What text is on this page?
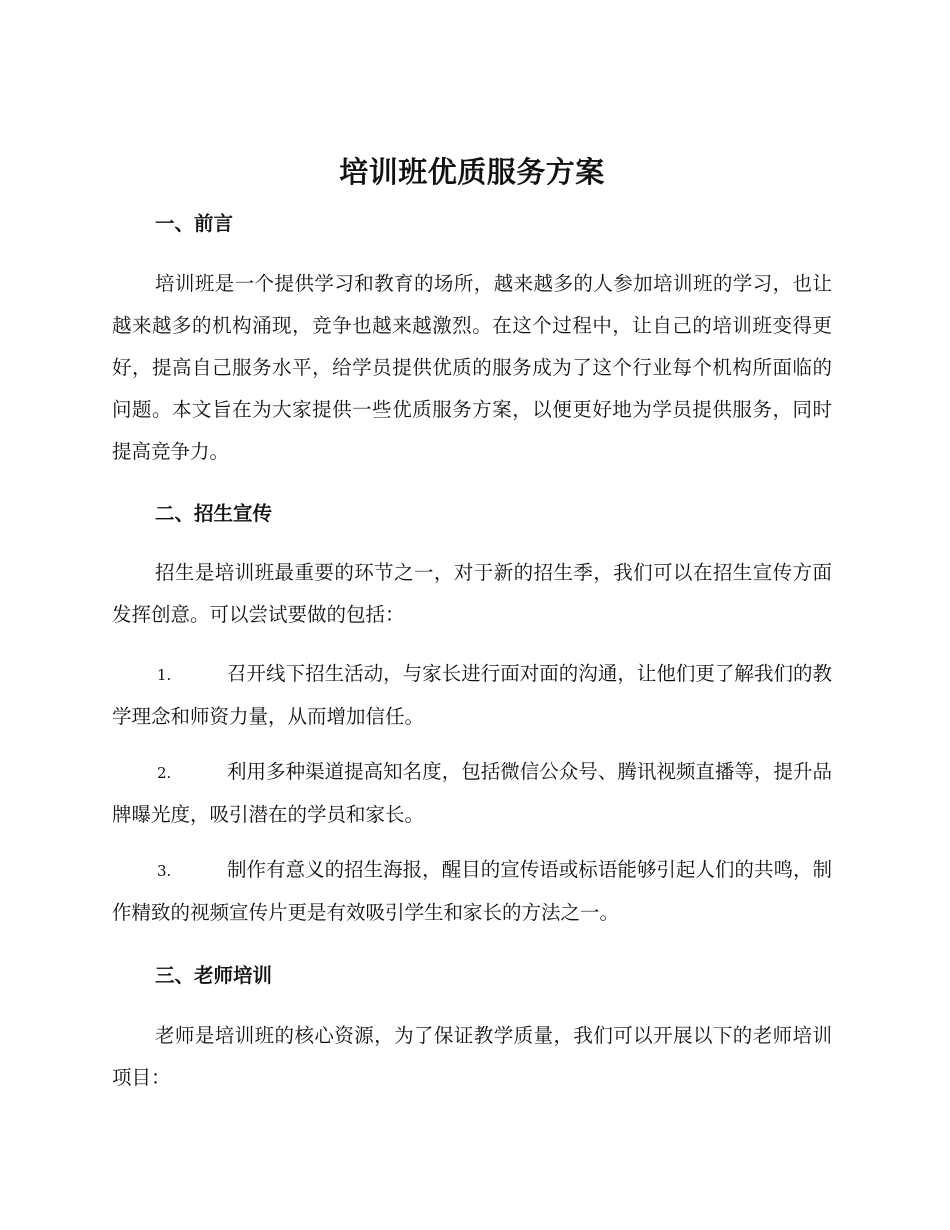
培训班优质服务方案
一、前言

培训班是一个提供学习和教育的场所，越来越多的人参加培训班的学习，也让越来越多的机构涌现，竞争也越来越激烈。在这个过程中，让自己的培训班变得更好，提高自己服务水平，给学员提供优质的服务成为了这个行业每个机构所面临的问题。本文旨在为大家提供一些优质服务方案，以便更好地为学员提供服务，同时提高竞争力。

二、招生宣传

招生是培训班最重要的环节之一，对于新的招生季，我们可以在招生宣传方面发挥创意。可以尝试要做的包括：

1.	召开线下招生活动，与家长进行面对面的沟通，让他们更了解我们的教学理念和师资力量，从而增加信任。

2.	利用多种渠道提高知名度，包括微信公众号、腾讯视频直播等，提升品牌曝光度，吸引潜在的学员和家长。

3.	制作有意义的招生海报，醒目的宣传语或标语能够引起人们的共鸣，制作精致的视频宣传片更是有效吸引学生和家长的方法之一。

三、老师培训

老师是培训班的核心资源，为了保证教学质量，我们可以开展以下的老师培训项目：
